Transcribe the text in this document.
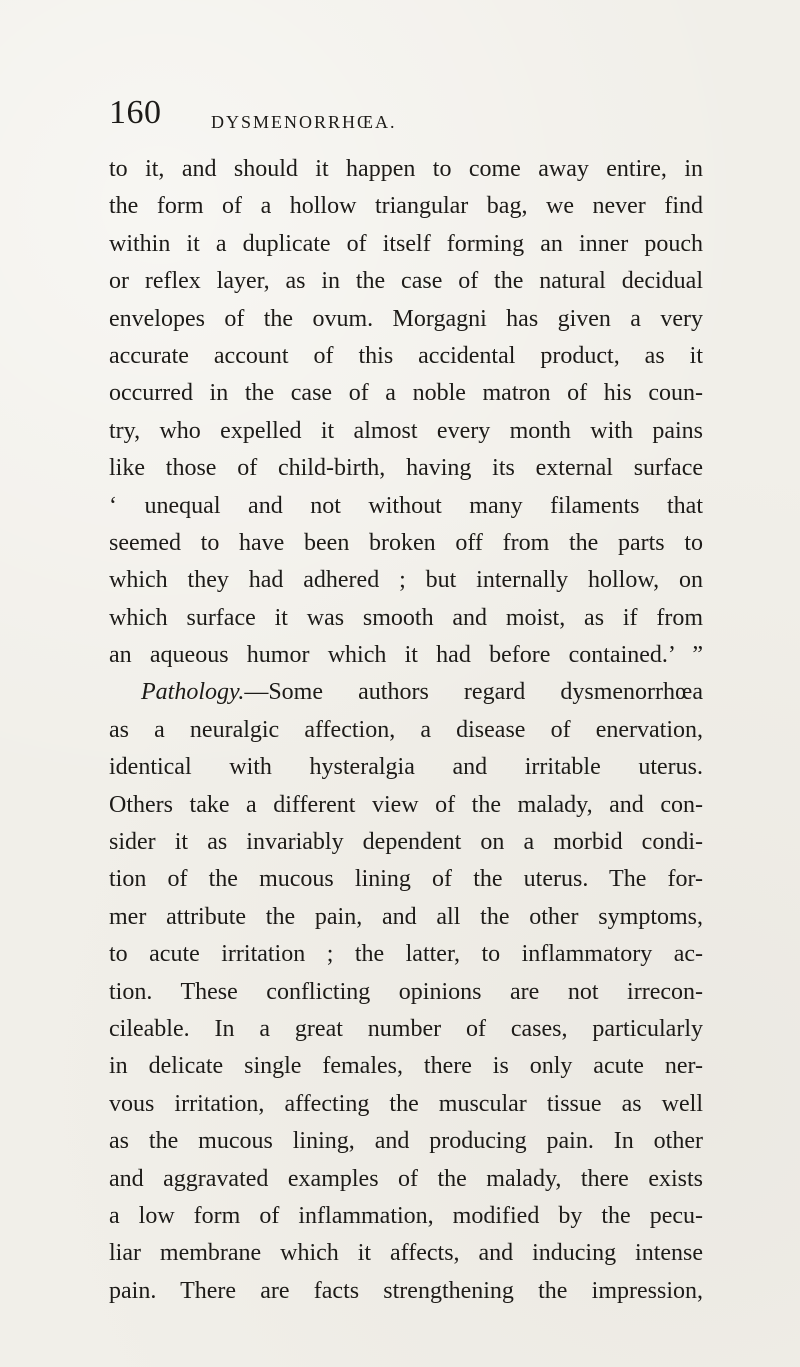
160	DYSMENORRHŒA.
to it, and should it happen to come away entire, in
the form of a hollow triangular bag, we never find
within it a duplicate of itself forming an inner pouch
or reflex layer, as in the case of the natural decidual
envelopes of the ovum. Morgagni has given a very
accurate account of this accidental product, as it
occurred in the case of a noble matron of his coun-
try, who expelled it almost every month with pains
like those of child-birth, having its external surface
‘ unequal and not without many filaments that
seemed to have been broken off from the parts to
which they had adhered ; but internally hollow, on
which surface it was smooth and moist, as if from
an aqueous humor which it had before contained.’ ”
Pathology.—Some authors regard dysmenorrhœa
as a neuralgic affection, a disease of enervation,
identical with hysteralgia and irritable uterus.
Others take a different view of the malady, and con-
sider it as invariably dependent on a morbid condi-
tion of the mucous lining of the uterus. The for-
mer attribute the pain, and all the other symptoms,
to acute irritation ; the latter, to inflammatory ac-
tion. These conflicting opinions are not irrecon-
cileable. In a great number of cases, particularly
in delicate single females, there is only acute ner-
vous irritation, affecting the muscular tissue as well
as the mucous lining, and producing pain. In other
and aggravated examples of the malady, there exists
a low form of inflammation, modified by the pecu-
liar membrane which it affects, and inducing intense
pain. There are facts strengthening the impression,
